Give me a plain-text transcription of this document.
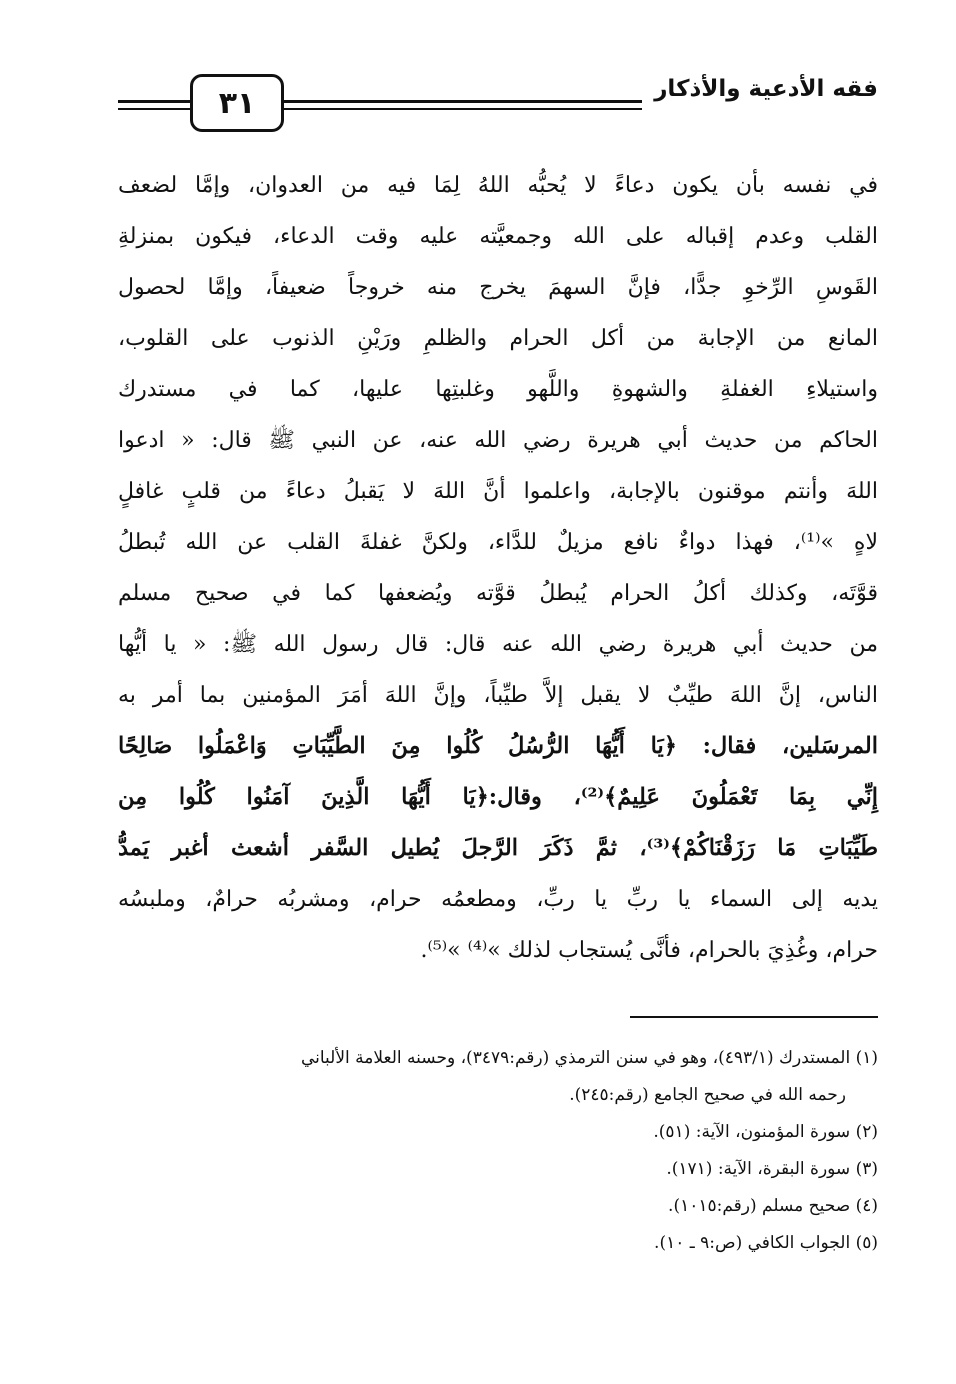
٣١	فقه الأدعية والأذكار
في نفسه بأن يكون دعاءً لا يُحبُّه اللهُ لِمَا فيه من العدوان، وإمَّا لضعف
القلب وعدم إقباله على الله وجمعيَّته عليه وقت الدعاء، فيكون بمنزلةِ
القَوسِ الرِّخوِ جدًّا، فإنَّ السهمَ يخرج منه خروجاً ضعيفاً، وإمَّا لحصول
المانع من الإجابة من أكل الحرام والظلمِ ورَيْنِ الذنوب على القلوب،
واستيلاءِ الغفلةِ والشهوةِ واللَّهو وغلبتِها عليها، كما في مستدرك
الحاكم من حديث أبي هريرة رضي الله عنه، عن النبي ﷺ قال: « ادعوا
اللهَ وأنتم موقنون بالإجابة، واعلموا أنَّ اللهَ لا يَقبلُ دعاءً من قلبٍ غافلٍ
لاهٍ »⁽¹⁾، فهذا دواءٌ نافع مزيلٌ للدَّاء، ولكنَّ غفلةَ القلب عن الله تُبطلُ
قوَّتَه، وكذلك أكلُ الحرام يُبطلُ قوَّته ويُضعفها كما في صحيح مسلم
من حديث أبي هريرة رضي الله عنه قال: قال رسول الله ﷺ: « يا أيُّها
الناس، إنَّ اللهَ طيِّبٌ لا يقبل إلاَّ طيِّباً، وإنَّ اللهَ أمَرَ المؤمنين بما أمر به
المرسَلين، فقال: ﴿يَا أَيُّهَا الرُّسُلُ كُلُوا مِنَ الطَّيِّبَاتِ وَاعْمَلُوا صَالِحًا
إِنِّي بِمَا تَعْمَلُونَ عَلِيمٌ﴾⁽²⁾، وقال:﴿يَا أَيُّهَا الَّذِينَ آمَنُوا كُلُوا مِن
طَيِّبَاتِ مَا رَزَقْنَاكُمْ﴾⁽³⁾، ثمَّ ذَكَرَ الرَّجلَ يُطيل السَّفر أشعث أغبر يَمدُّ
يديه إلى السماء يا ربِّ يا ربِّ، ومطعمُه حرام، ومشربُه حرامٌ، وملبسُه
حرام، وغُذِيَ بالحرام، فأنَّى يُستجاب لذلك »⁽⁴⁾ »⁽⁵⁾.
(١) المستدرك (٤٩٣/١)، وهو في سنن الترمذي (رقم:٣٤٧٩)، وحسنه العلامة الألباني
رحمه الله في صحيح الجامع (رقم:٢٤٥).
(٢) سورة المؤمنون، الآية: (٥١).
(٣) سورة البقرة، الآية: (١٧١).
(٤) صحيح مسلم (رقم:١٠١٥).
(٥) الجواب الكافي (ص:٩ ـ ١٠).
